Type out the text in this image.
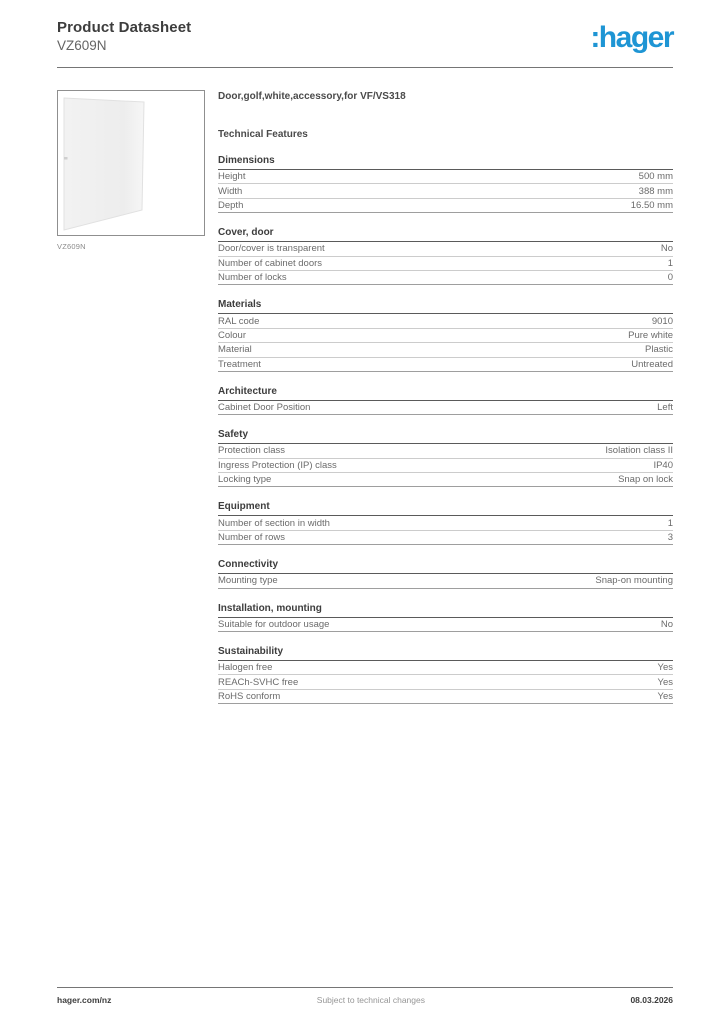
Product Datasheet
VZ609N	:hager
VZ609N
Door,golf,white,accessory,for VF/VS318
Technical Features
Dimensions
Height	500 mm
Width	388 mm
Depth	16.50 mm
Cover, door
Door/cover is transparent	No
Number of cabinet doors	1
Number of locks	0
Materials
RAL code	9010
Colour	Pure white
Material	Plastic
Treatment	Untreated
Architecture
Cabinet Door Position	Left
Safety
Protection class	Isolation class II
Ingress Protection (IP) class	IP40
Locking type	Snap on lock
Equipment
Number of section in width	1
Number of rows	3
Connectivity
Mounting type	Snap-on mounting
Installation, mounting
Suitable for outdoor usage	No
Sustainability
Halogen free	Yes
REACh-SVHC free	Yes
RoHS conform	Yes
hager.com/nz	Subject to technical changes	08.03.2026
